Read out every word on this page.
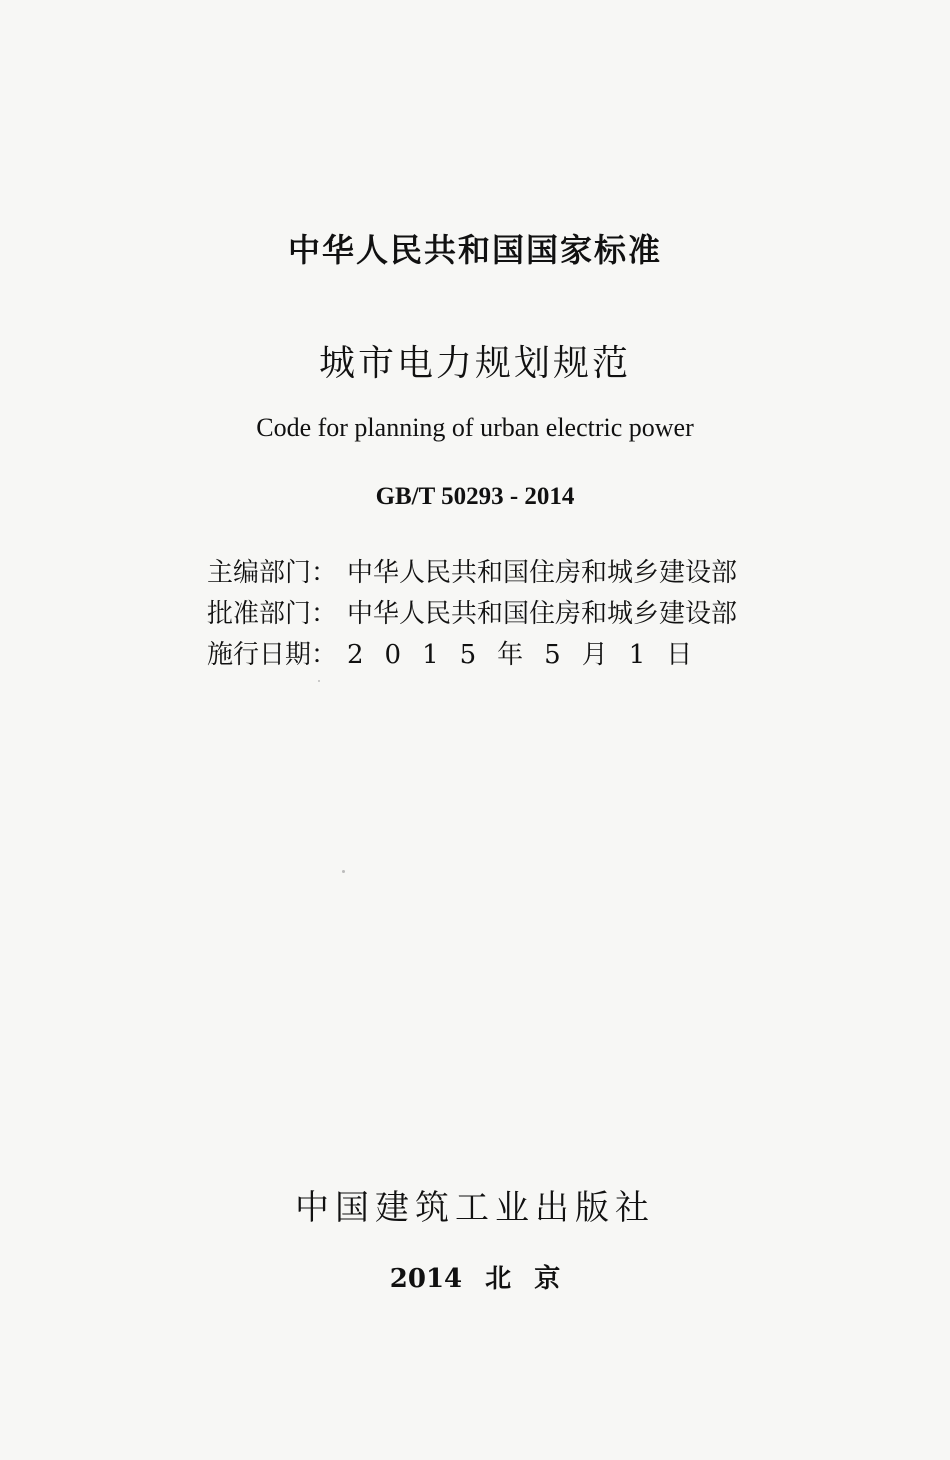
中华人民共和国国家标准
城市电力规划规范
Code for planning of urban electric power
GB/T 50293 - 2014
主编部门： 中华人民共和国住房和城乡建设部
批准部门： 中华人民共和国住房和城乡建设部
施行日期： 2015年5月1日
中国建筑工业出版社
2014 北 京
